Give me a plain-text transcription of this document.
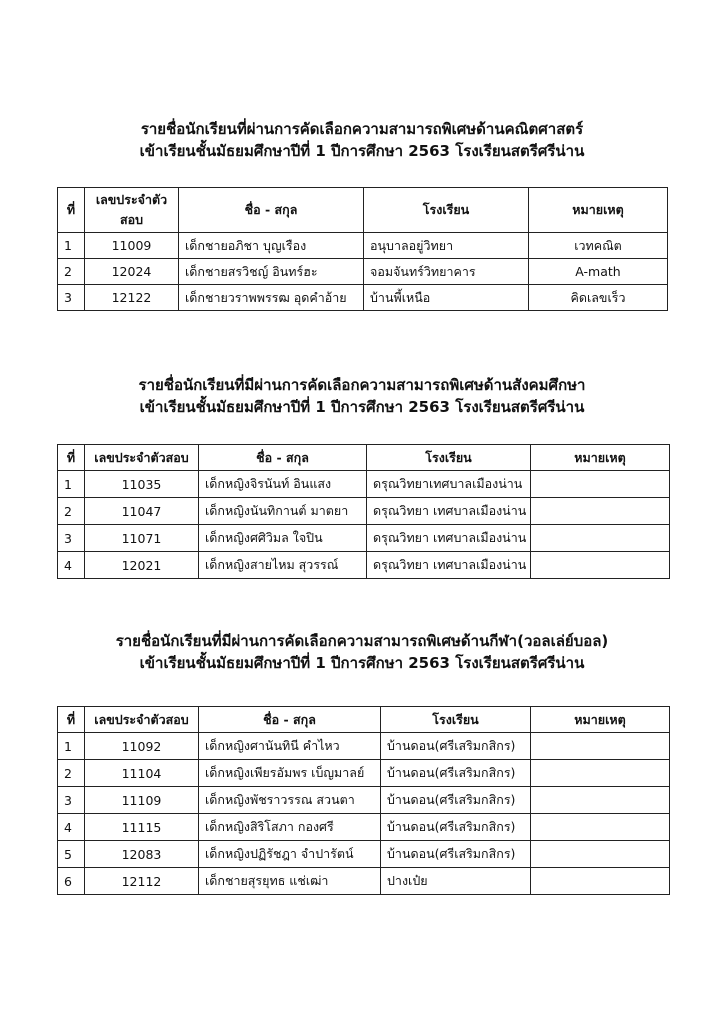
รายชื่อนักเรียนที่ผ่านการคัดเลือกความสามารถพิเศษด้านคณิตศาสตร์
เข้าเรียนชั้นมัธยมศึกษาปีที่ 1 ปีการศึกษา 2563 โรงเรียนสตรีศรีน่าน
ที่	เลขประจำตัวสอบ	ชื่อ - สกุล	โรงเรียน	หมายเหตุ
1	11009	เด็กชายอภิชา บุญเรือง	อนุบาลอยู่วิทยา	เวทคณิต
2	12024	เด็กชายสรวิชญ์ อินทร์ฮะ	จอมจันทร์วิทยาคาร	A-math
3	12122	เด็กชายวราพพรรฒ อุดคำอ้าย	บ้านพี้เหนือ	คิดเลขเร็ว
รายชื่อนักเรียนที่มีผ่านการคัดเลือกความสามารถพิเศษด้านสังคมศึกษา
เข้าเรียนชั้นมัธยมศึกษาปีที่ 1 ปีการศึกษา 2563 โรงเรียนสตรีศรีน่าน
ที่	เลขประจำตัวสอบ	ชื่อ - สกุล	โรงเรียน	หมายเหตุ
1	11035	เด็กหญิงจิรนันท์ อินแสง	ดรุณวิทยาเทศบาลเมืองน่าน	
2	11047	เด็กหญิงนันทิกานต์ มาตยา	ดรุณวิทยา เทศบาลเมืองน่าน	
3	11071	เด็กหญิงศศิวิมล ใจปิน	ดรุณวิทยา เทศบาลเมืองน่าน	
4	12021	เด็กหญิงสายไหม สุวรรณ์	ดรุณวิทยา เทศบาลเมืองน่าน	
รายชื่อนักเรียนที่มีผ่านการคัดเลือกความสามารถพิเศษด้านกีฬา(วอลเล่ย์บอล)
เข้าเรียนชั้นมัธยมศึกษาปีที่ 1 ปีการศึกษา 2563 โรงเรียนสตรีศรีน่าน
ที่	เลขประจำตัวสอบ	ชื่อ - สกุล	โรงเรียน	หมายเหตุ
1	11092	เด็กหญิงศานันทินี คำไหว	บ้านดอน(ศรีเสริมกสิกร)	
2	11104	เด็กหญิงเพียรอัมพร เบ็ญมาลย์	บ้านดอน(ศรีเสริมกสิกร)	
3	11109	เด็กหญิงพัชราวรรณ สวนตา	บ้านดอน(ศรีเสริมกสิกร)	
4	11115	เด็กหญิงสิริโสภา กองศรี	บ้านดอน(ศรีเสริมกสิกร)	
5	12083	เด็กหญิงปฏิรัชฎา จำปารัตน์	บ้านดอน(ศรีเสริมกสิกร)	
6	12112	เด็กชายสุรยุทธ แช่เฒ่า	ปางเป๋ย	
